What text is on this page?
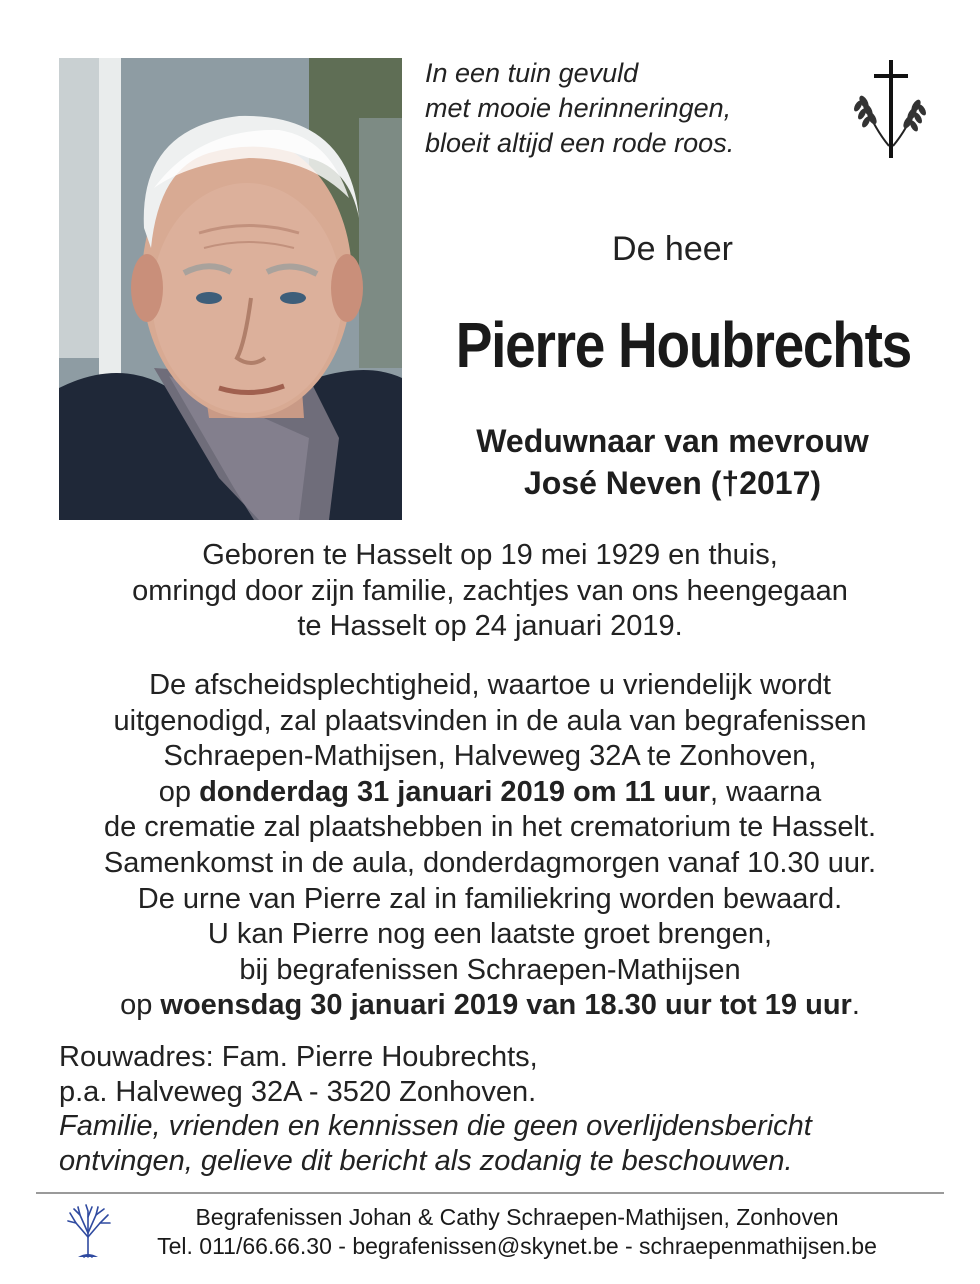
In een tuin gevuld
met mooie herinneringen,
bloeit altijd een rode roos.
De heer
Pierre Houbrechts
Weduwnaar van mevrouw
José Neven (†2017)
Geboren te Hasselt op 19 mei 1929 en thuis,
omringd door zijn familie, zachtjes van ons heengegaan
te Hasselt op 24 januari 2019.
De afscheidsplechtigheid, waartoe u vriendelijk wordt
uitgenodigd, zal plaatsvinden in de aula van begrafenissen
Schraepen-Mathijsen, Halveweg 32A te Zonhoven,
op donderdag 31 januari 2019 om 11 uur, waarna
de crematie zal plaatshebben in het crematorium te Hasselt.
Samenkomst in de aula, donderdagmorgen vanaf 10.30 uur.
De urne van Pierre zal in familiekring worden bewaard.
U kan Pierre nog een laatste groet brengen,
bij begrafenissen Schraepen-Mathijsen
op woensdag 30 januari 2019 van 18.30 uur tot 19 uur.
Rouwadres: Fam. Pierre Houbrechts,
p.a. Halveweg 32A - 3520 Zonhoven.
Familie, vrienden en kennissen die geen overlijdensbericht
ontvingen, gelieve dit bericht als zodanig te beschouwen.
Begrafenissen Johan & Cathy Schraepen-Mathijsen, Zonhoven
Tel. 011/66.66.30 - begrafenissen@skynet.be - schraepenmathijsen.be
